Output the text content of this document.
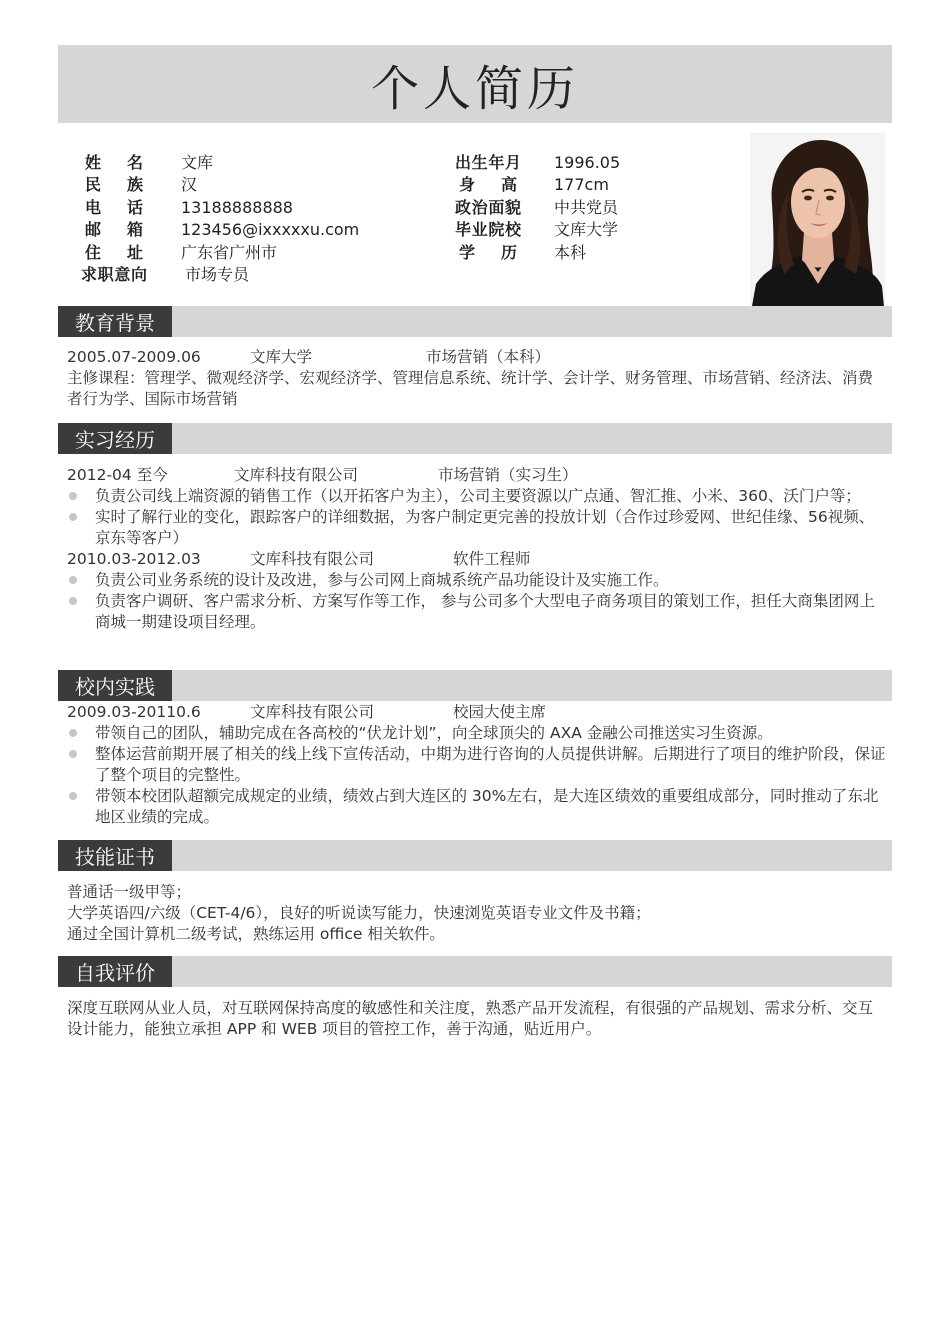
个人简历
姓名 文库
民族 汉
电话 13188888888
邮箱 123456@ixxxxxu.com
住址 广东省广州市
求职意向 市场专员
出生年月 1996.05
身高 177cm
政治面貌 中共党员
毕业院校 文库大学
学历 本科
教育背景
2005.07-2009.06	文库大学	市场营销（本科）

主修课程：管理学、微观经济学、宏观经济学、管理信息系统、统计学、会计学、财务管理、市场营销、经济法、消费者行为学、国际市场营销

实习经历
2012-04 至今	文库科技有限公司	市场营销（实习生）
负责公司线上端资源的销售工作（以开拓客户为主），公司主要资源以广点通、智汇推、小米、360、沃门户等；
实时了解行业的变化，跟踪客户的详细数据，为客户制定更完善的投放计划（合作过珍爱网、世纪佳缘、56视频、京东等客户）
2010.03-2012.03	文库科技有限公司	软件工程师
负责公司业务系统的设计及改进，参与公司网上商城系统产品功能设计及实施工作。
负责客户调研、客户需求分析、方案写作等工作， 参与公司多个大型电子商务项目的策划工作，担任大商集团网上商城一期建设项目经理。
校内实践
2009.03-20110.6	文库科技有限公司	校园大使主席
带领自己的团队，辅助完成在各高校的“伏龙计划”，向全球顶尖的 AXA 金融公司推送实习生资源。
整体运营前期开展了相关的线上线下宣传活动，中期为进行咨询的人员提供讲解。后期进行了项目的维护阶段，保证了整个项目的完整性。
带领本校团队超额完成规定的业绩，绩效占到大连区的 30%左右，是大连区绩效的重要组成部分，同时推动了东北地区业绩的完成。
技能证书

普通话一级甲等；

大学英语四/六级（CET-4/6），良好的听说读写能力，快速浏览英语专业文件及书籍；

通过全国计算机二级考试，熟练运用 office 相关软件。

自我评价

深度互联网从业人员，对互联网保持高度的敏感性和关注度，熟悉产品开发流程，有很强的产品规划、需求分析、交互设计能力，能独立承担 APP 和 WEB 项目的管控工作，善于沟通，贴近用户。
